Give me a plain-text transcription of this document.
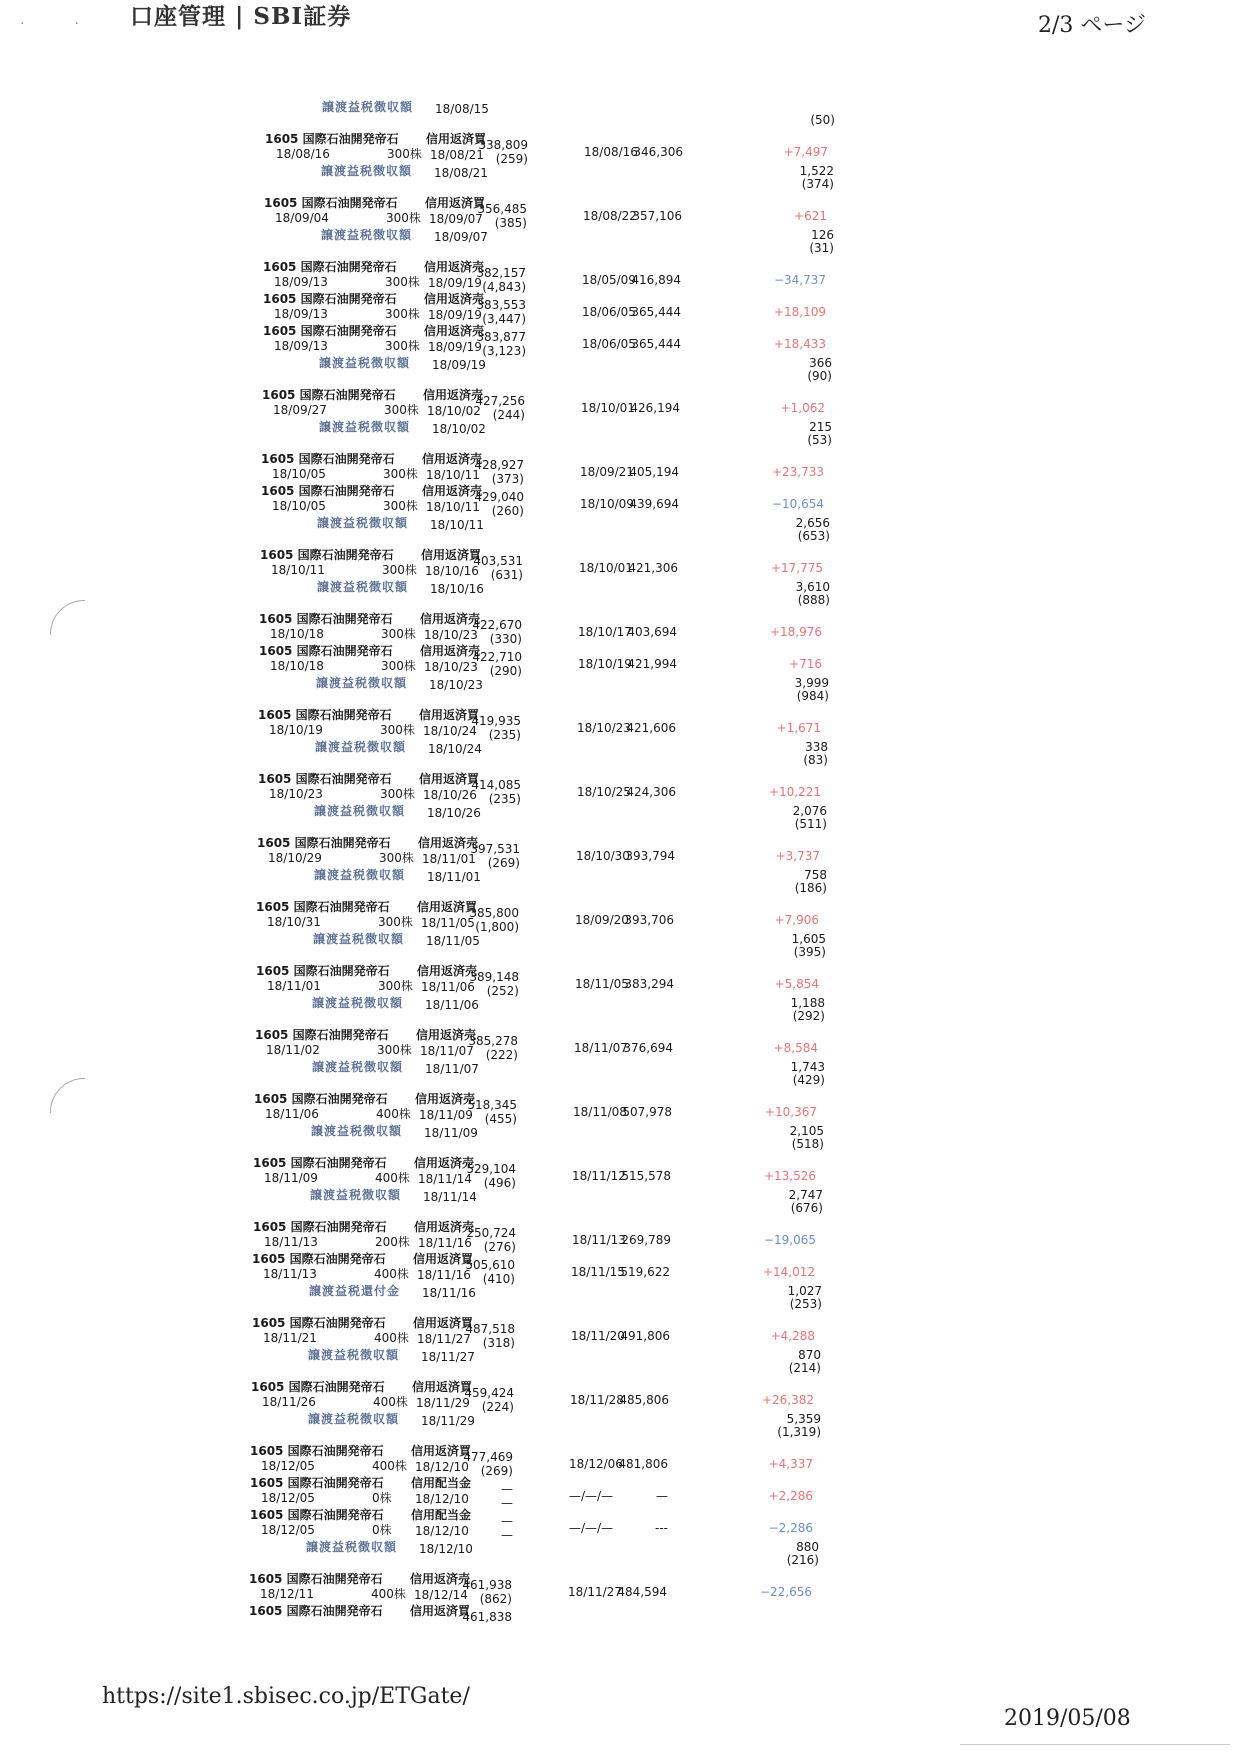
.. 口座管理 | SBI証券	2/3 ページ
譲渡益税徴収額 18/08/15
(50)
1605 国際石油開発帝石 信用返済買
18/08/16	300株 18/08/21
338,809
(259)	18/08/16
346,306	+7,497
譲渡益税徴収額 18/08/21	1,522
(374)
1605 国際石油開発帝石 信用返済買
18/09/04	300株 18/09/07
356,485
(385)	18/08/22
357,106	+621
譲渡益税徴収額 18/09/07	126
(31)
1605 国際石油開発帝石 信用返済売
18/09/13	300株 18/09/19
382,157
(4,843)	18/05/09
416,894	−34,737
1605 国際石油開発帝石 信用返済売
18/09/13	300株 18/09/19
383,553
(3,447)	18/06/05
365,444	+18,109
1605 国際石油開発帝石 信用返済売
18/09/13	300株 18/09/19
383,877
(3,123)	18/06/05
365,444	+18,433
譲渡益税徴収額 18/09/19	366
(90)
1605 国際石油開発帝石 信用返済売
18/09/27	300株 18/10/02
427,256
(244)	18/10/01
426,194	+1,062
譲渡益税徴収額 18/10/02	215
(53)
1605 国際石油開発帝石 信用返済売
18/10/05	300株 18/10/11
428,927
(373)	18/09/21
405,194	+23,733
1605 国際石油開発帝石 信用返済売
18/10/05	300株 18/10/11
429,040
(260)	18/10/09
439,694	−10,654
譲渡益税徴収額 18/10/11	2,656
(653)
1605 国際石油開発帝石 信用返済買
18/10/11	300株 18/10/16
403,531
(631)	18/10/01
421,306	+17,775
譲渡益税徴収額 18/10/16	3,610
(888)
1605 国際石油開発帝石 信用返済売
18/10/18	300株 18/10/23
422,670
(330)	18/10/17
403,694	+18,976
1605 国際石油開発帝石 信用返済売
18/10/18	300株 18/10/23
422,710
(290)	18/10/19
421,994	+716
譲渡益税徴収額 18/10/23	3,999
(984)
1605 国際石油開発帝石 信用返済買
18/10/19	300株 18/10/24
419,935
(235)	18/10/23
421,606	+1,671
譲渡益税徴収額 18/10/24	338
(83)
1605 国際石油開発帝石 信用返済買
18/10/23	300株 18/10/26
414,085
(235)	18/10/25
424,306	+10,221
譲渡益税徴収額 18/10/26	2,076
(511)
1605 国際石油開発帝石 信用返済売
18/10/29	300株 18/11/01
397,531
(269)	18/10/30
393,794	+3,737
譲渡益税徴収額 18/11/01	758
(186)
1605 国際石油開発帝石 信用返済買
18/10/31	300株 18/11/05
385,800
(1,800)	18/09/20
393,706	+7,906
譲渡益税徴収額 18/11/05	1,605
(395)
1605 国際石油開発帝石 信用返済売
18/11/01	300株 18/11/06
389,148
(252)	18/11/05
383,294	+5,854
譲渡益税徴収額 18/11/06	1,188
(292)
1605 国際石油開発帝石 信用返済売
18/11/02	300株 18/11/07
385,278
(222)	18/11/07
376,694	+8,584
譲渡益税徴収額 18/11/07	1,743
(429)
1605 国際石油開発帝石 信用返済売
18/11/06	400株 18/11/09
518,345
(455)	18/11/08
507,978	+10,367
譲渡益税徴収額 18/11/09	2,105
(518)
1605 国際石油開発帝石 信用返済売
18/11/09	400株 18/11/14
529,104
(496)	18/11/12
515,578	+13,526
譲渡益税徴収額 18/11/14	2,747
(676)
1605 国際石油開発帝石 信用返済売
18/11/13	200株 18/11/16
250,724
(276)	18/11/13
269,789	−19,065
1605 国際石油開発帝石 信用返済買
18/11/13	400株 18/11/16
505,610
(410)	18/11/15
519,622	+14,012
譲渡益税還付金 18/11/16	1,027
(253)
1605 国際石油開発帝石 信用返済買
18/11/21	400株 18/11/27
487,518
(318)	18/11/20
491,806	+4,288
譲渡益税徴収額 18/11/27	870
(214)
1605 国際石油開発帝石 信用返済買
18/11/26	400株 18/11/29
459,424
(224)	18/11/28
485,806	+26,382
譲渡益税徴収額 18/11/29	5,359
(1,319)
1605 国際石油開発帝石 信用返済買
18/12/05	400株 18/12/10
477,469
(269)	18/12/06
481,806	+4,337
1605 国際石油開発帝石 信用配当金
18/12/05	0株 18/12/10
—
—	—/—/—	—	+2,286
1605 国際石油開発帝石 信用配当金
18/12/05	0株 18/12/10
—
—	—/—/—	---	−2,286
譲渡益税徴収額 18/12/10	880
(216)
1605 国際石油開発帝石 信用返済売
18/12/11	400株 18/12/14
461,938
(862)	18/11/27
484,594	−22,656
1605 国際石油開発帝石 信用返済買
461,838
https://site1.sbisec.co.jp/ETGate/
2019/05/08
